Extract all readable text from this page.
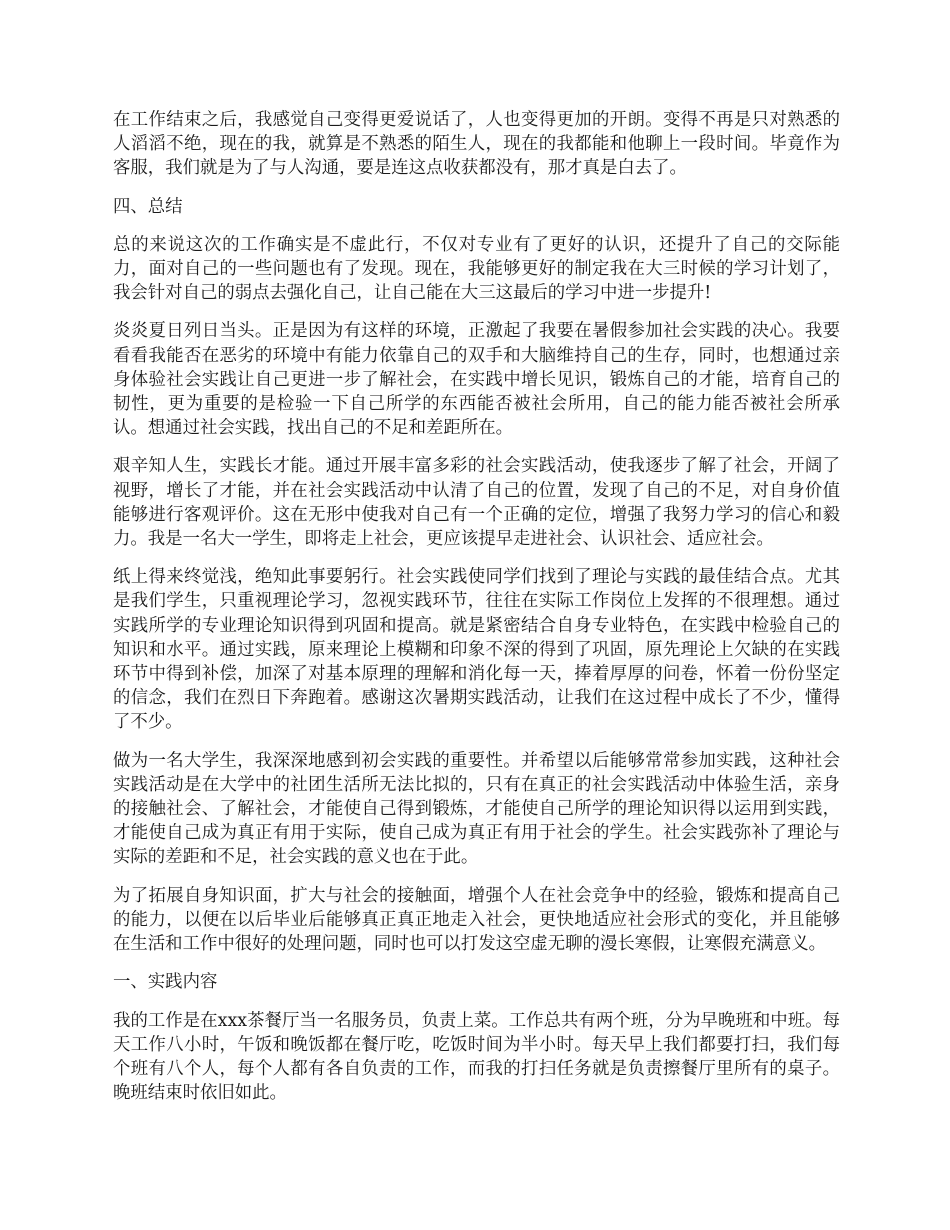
在工作结束之后，我感觉自己变得更爱说话了，人也变得更加的开朗。变得不再是只对熟悉的人滔滔不绝，现在的我，就算是不熟悉的陌生人，现在的我都能和他聊上一段时间。毕竟作为客服，我们就是为了与人沟通，要是连这点收获都没有，那才真是白去了。

四、总结

总的来说这次的工作确实是不虚此行，不仅对专业有了更好的认识，还提升了自己的交际能力，面对自己的一些问题也有了发现。现在，我能够更好的制定我在大三时候的学习计划了，我会针对自己的弱点去强化自己，让自己能在大三这最后的学习中进一步提升!

炎炎夏日列日当头。正是因为有这样的环境，正激起了我要在暑假参加社会实践的决心。我要看看我能否在恶劣的环境中有能力依靠自己的双手和大脑维持自己的生存，同时，也想通过亲身体验社会实践让自己更进一步了解社会，在实践中增长见识，锻炼自己的才能，培育自己的韧性，更为重要的是检验一下自己所学的东西能否被社会所用，自己的能力能否被社会所承认。想通过社会实践，找出自己的不足和差距所在。

艰辛知人生，实践长才能。通过开展丰富多彩的社会实践活动，使我逐步了解了社会，开阔了视野，增长了才能，并在社会实践活动中认清了自己的位置，发现了自己的不足，对自身价值能够进行客观评价。这在无形中使我对自己有一个正确的定位，增强了我努力学习的信心和毅力。我是一名大一学生，即将走上社会，更应该提早走进社会、认识社会、适应社会。

纸上得来终觉浅，绝知此事要躬行。社会实践使同学们找到了理论与实践的最佳结合点。尤其是我们学生，只重视理论学习，忽视实践环节，往往在实际工作岗位上发挥的不很理想。通过实践所学的专业理论知识得到巩固和提高。就是紧密结合自身专业特色，在实践中检验自己的知识和水平。通过实践，原来理论上模糊和印象不深的得到了巩固，原先理论上欠缺的在实践环节中得到补偿，加深了对基本原理的理解和消化每一天，捧着厚厚的问卷，怀着一份份坚定的信念，我们在烈日下奔跑着。感谢这次暑期实践活动，让我们在这过程中成长了不少，懂得了不少。

做为一名大学生，我深深地感到初会实践的重要性。并希望以后能够常常参加实践，这种社会实践活动是在大学中的社团生活所无法比拟的，只有在真正的社会实践活动中体验生活，亲身的接触社会、了解社会，才能使自己得到锻炼，才能使自己所学的理论知识得以运用到实践，才能使自己成为真正有用于实际，使自己成为真正有用于社会的学生。社会实践弥补了理论与实际的差距和不足，社会实践的意义也在于此。

为了拓展自身知识面，扩大与社会的接触面，增强个人在社会竞争中的经验，锻炼和提高自己的能力，以便在以后毕业后能够真正真正地走入社会，更快地适应社会形式的变化，并且能够在生活和工作中很好的处理问题，同时也可以打发这空虚无聊的漫长寒假，让寒假充满意义。

一、实践内容

我的工作是在xxx茶餐厅当一名服务员，负责上菜。工作总共有两个班，分为早晚班和中班。每天工作八小时，午饭和晚饭都在餐厅吃，吃饭时间为半小时。每天早上我们都要打扫，我们每个班有八个人，每个人都有各自负责的工作，而我的打扫任务就是负责擦餐厅里所有的桌子。晚班结束时依旧如此。
